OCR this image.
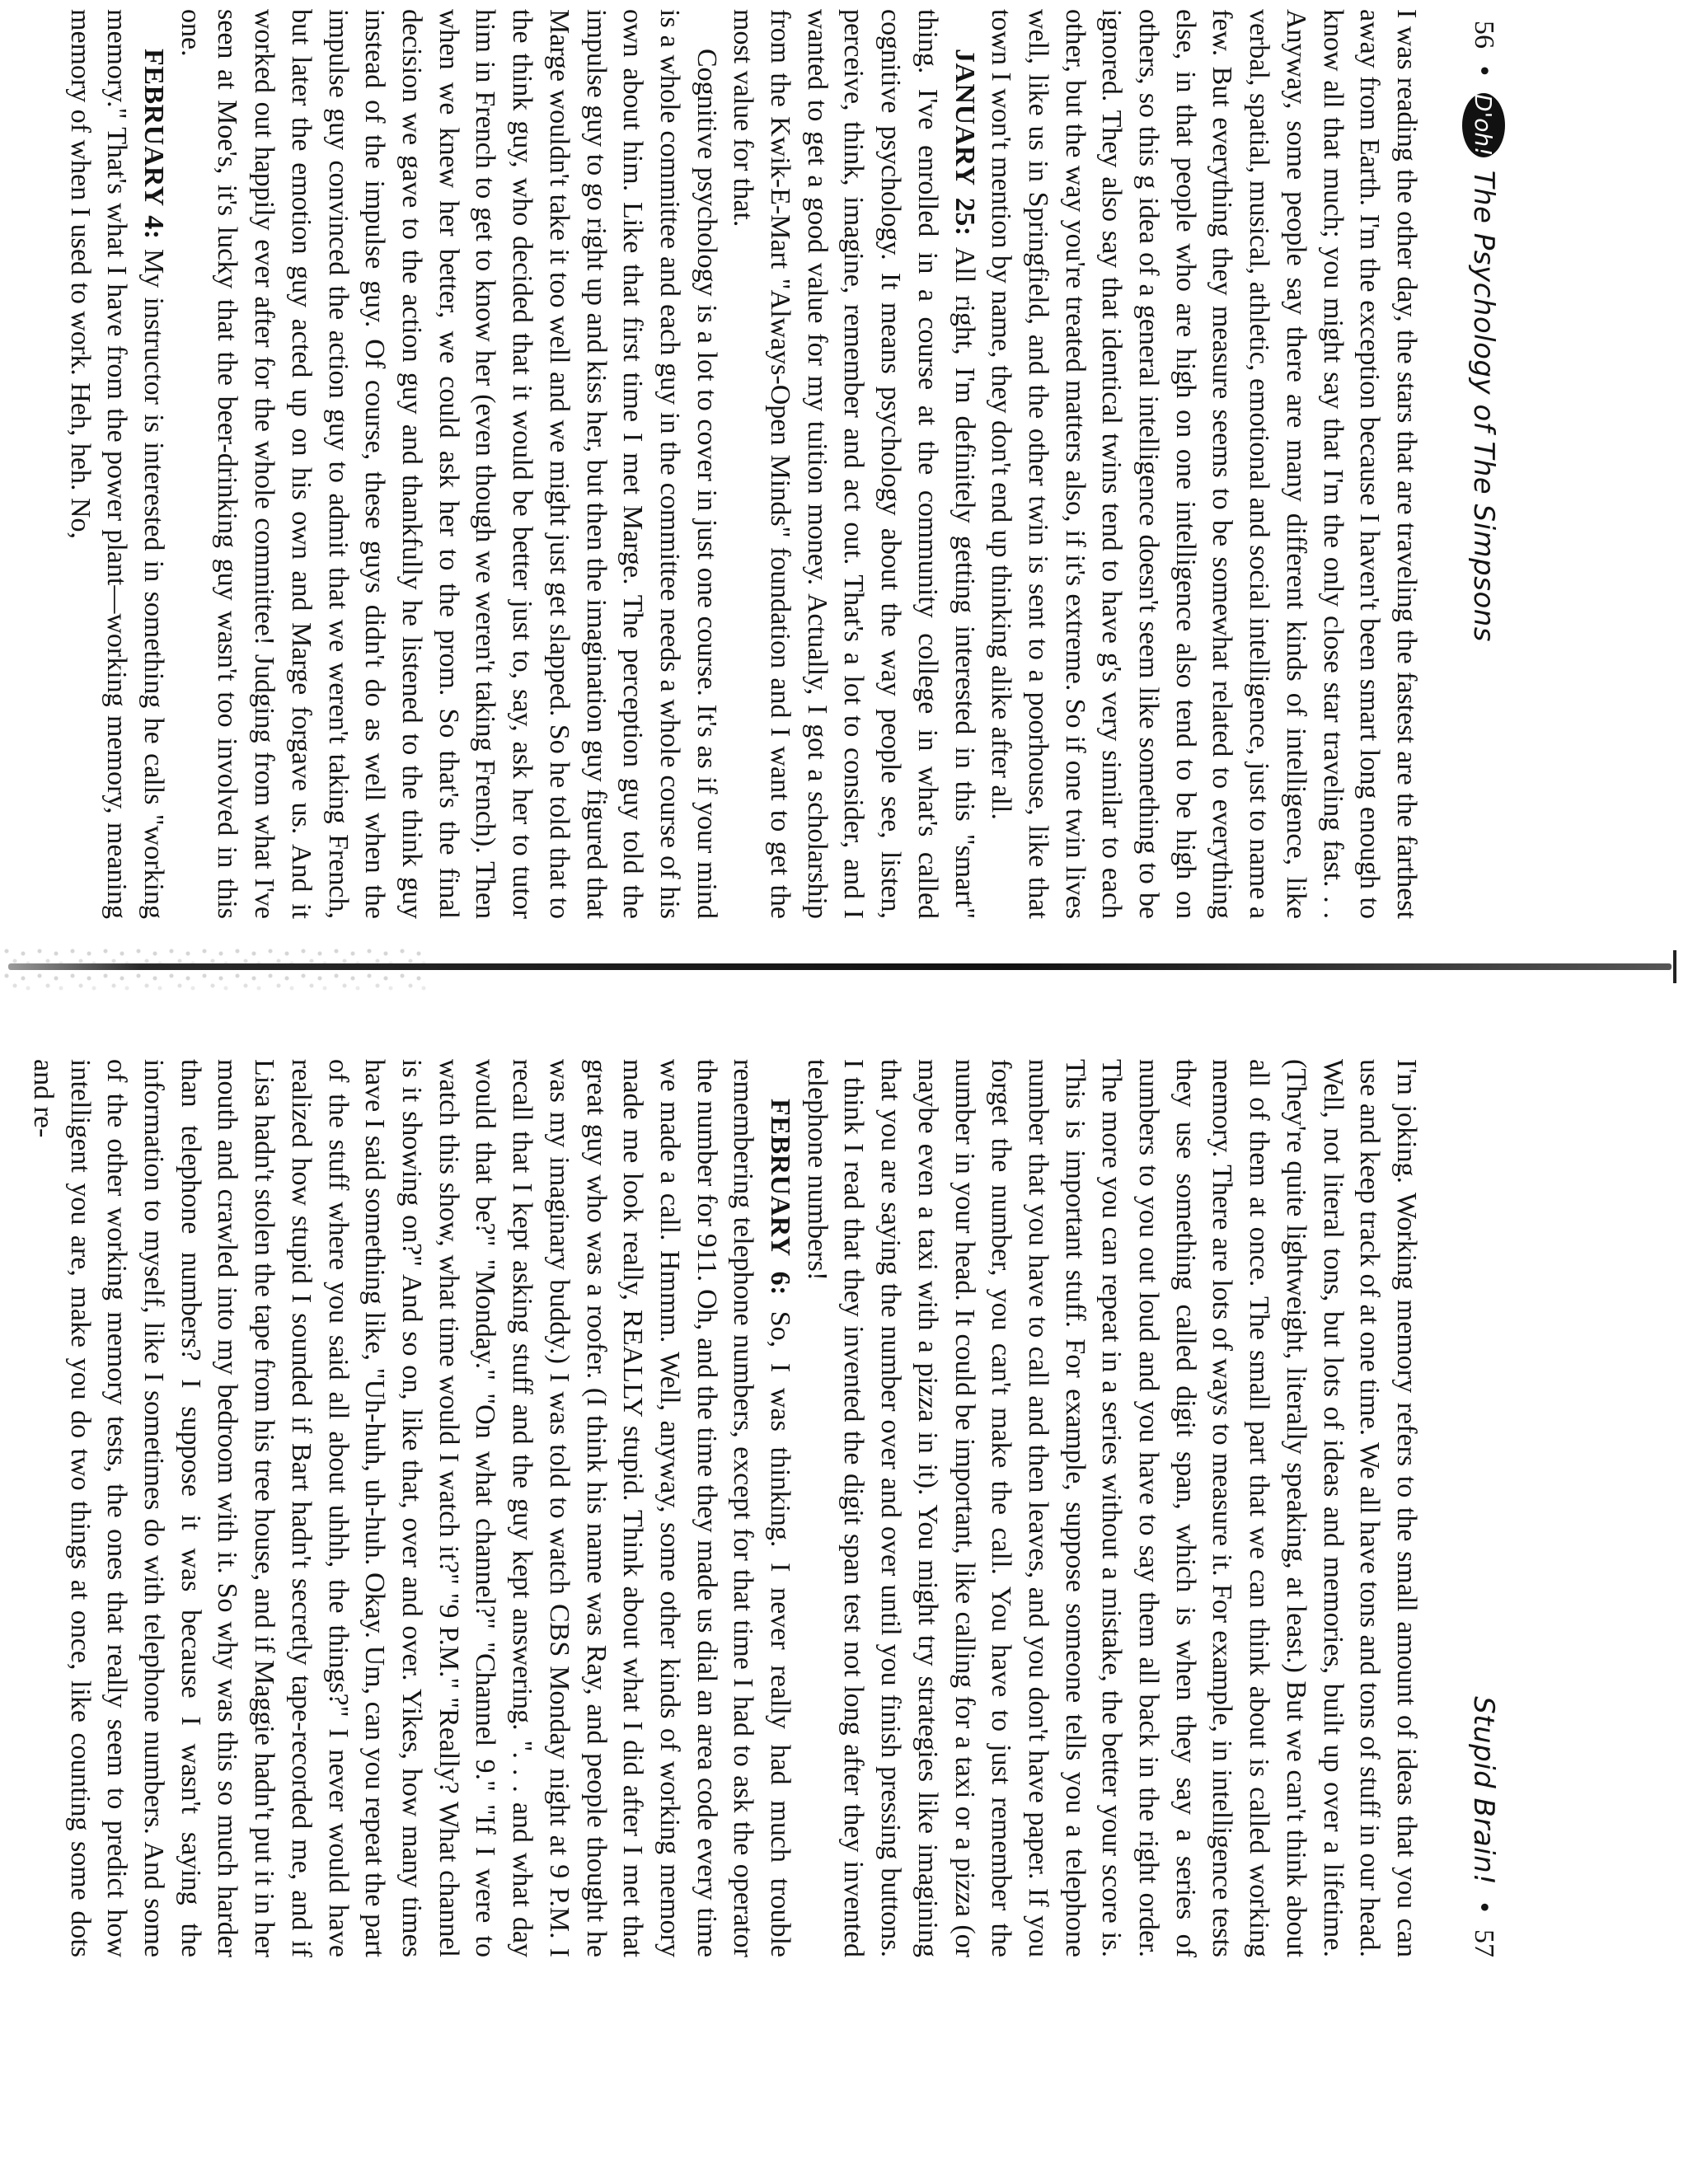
56
•
D'oh!
The Psychology of The Simpsons

I was reading the other day, the stars that are traveling the fastest are the farthest away from Earth. I'm the exception because I haven't been smart long enough to know all that much; you might say that I'm the only close star traveling fast. . . Anyway, some people say there are many different kinds of intelligence, like verbal, spatial, musical, athletic, emotional and social intelligence, just to name a few. But everything they measure seems to be somewhat related to everything else, in that people who are high on one intelligence also tend to be high on others, so this g idea of a general intelligence doesn't seem like something to be ignored. They also say that identical twins tend to have g's very similar to each other, but the way you're treated matters also, if it's extreme. So if one twin lives well, like us in Springfield, and the other twin is sent to a poorhouse, like that town I won't mention by name, they don't end up thinking alike after all.

JANUARY 25: All right, I'm definitely getting interested in this "smart" thing. I've enrolled in a course at the community college in what's called cognitive psychology. It means psychology about the way people see, listen, perceive, think, imagine, remember and act out. That's a lot to consider, and I wanted to get a good value for my tuition money. Actually, I got a scholarship from the Kwik-E-Mart "Always-Open Minds" foundation and I want to get the most value for that.

Cognitive psychology is a lot to cover in just one course. It's as if your mind is a whole committee and each guy in the committee needs a whole course of his own about him. Like that first time I met Marge. The perception guy told the impulse guy to go right up and kiss her, but then the imagination guy figured that Marge wouldn't take it too well and we might just get slapped. So he told that to the think guy, who decided that it would be better just to, say, ask her to tutor him in French to get to know her (even though we weren't taking French). Then when we knew her better, we could ask her to the prom. So that's the final decision we gave to the action guy and thankfully he listened to the think guy instead of the impulse guy. Of course, these guys didn't do as well when the impulse guy convinced the action guy to admit that we weren't taking French, but later the emotion guy acted up on his own and Marge forgave us. And it worked out happily ever after for the whole committee! Judging from what I've seen at Moe's, it's lucky that the beer-drinking guy wasn't too involved in this one.

FEBRUARY 4: My instructor is interested in something he calls "working memory." That's what I have from the power plant—working memory, meaning memory of when I used to work. Heh, heh. No,

Stupid Brain!
•
57

I'm joking. Working memory refers to the small amount of ideas that you can use and keep track of at one time. We all have tons and tons of stuff in our head. Well, not literal tons, but lots of ideas and memories, built up over a lifetime. (They're quite lightweight, literally speaking, at least.) But we can't think about all of them at once. The small part that we can think about is called working memory. There are lots of ways to measure it. For example, in intelligence tests they use something called digit span, which is when they say a series of numbers to you out loud and you have to say them all back in the right order. The more you can repeat in a series without a mistake, the better your score is. This is important stuff. For example, suppose someone tells you a telephone number that you have to call and then leaves, and you don't have paper. If you forget the number, you can't make the call. You have to just remember the number in your head. It could be important, like calling for a taxi or a pizza (or maybe even a taxi with a pizza in it). You might try strategies like imagining that you are saying the number over and over until you finish pressing buttons. I think I read that they invented the digit span test not long after they invented telephone numbers!

FEBRUARY 6: So, I was thinking. I never really had much trouble remembering telephone numbers, except for that time I had to ask the operator the number for 911. Oh, and the time they made us dial an area code every time we made a call. Hmmm. Well, anyway, some other kinds of working memory made me look really, REALLY stupid. Think about what I did after I met that great guy who was a roofer. (I think his name was Ray, and people thought he was my imaginary buddy.) I was told to watch CBS Monday night at 9 P.M. I recall that I kept asking stuff and the guy kept answering. ". . . and what day would that be?" "Monday." "On what channel?" "Channel 9." "If I were to watch this show, what time would I watch it?" "9 P.M." "Really? What channel is it showing on?" And so on, like that, over and over. Yikes, how many times have I said something like, "Uh-huh, uh-huh. Okay. Um, can you repeat the part of the stuff where you said all about uhhh, the things?" I never would have realized how stupid I sounded if Bart hadn't secretly tape-recorded me, and if Lisa hadn't stolen the tape from his tree house, and if Maggie hadn't put it in her mouth and crawled into my bedroom with it. So why was this so much harder than telephone numbers? I suppose it was because I wasn't saying the information to myself, like I sometimes do with telephone numbers. And some of the other working memory tests, the ones that really seem to predict how intelligent you are, make you do two things at once, like counting some dots and re-
